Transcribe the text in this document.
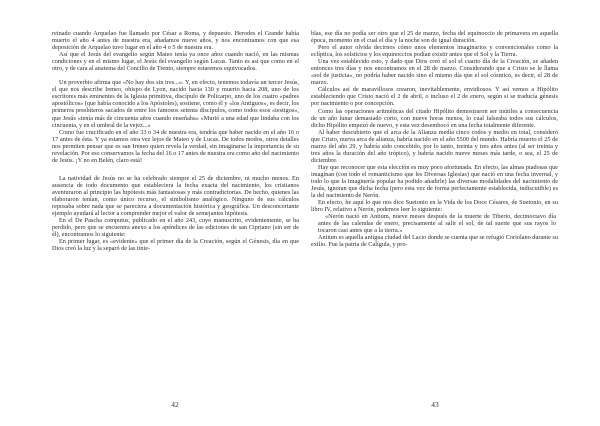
reinado cuando Arquelao fue llamado por César a Roma, y depuesto. Herodes el Grande había muerto el año 4 antes de nuestra era, añadamos nueve años, y nos encontramos con que esa deposición de Arquelao tuvo lugar en el año 4 o 5 de nuestra era.

Así que el Jesús del evangelio según Mateo tenía ya once años cuando nació, en las mismas condiciones y en el mismo lugar, el Jesús del evangelio según Lucas. Tanto es así que como en el otro, y de cara al anatema del Concilio de Trento, siempre estaremos equivocados.

Un proverbio afirma que «No hay dos sin tres...». Y, en efecto, tenemos todavía un tercer Jesús, el que nos describe Ireneo, obispo de Lyon, nacido hacia 130 y muerto hacia 208, uno de los escritores más eminentes de la Iglesia primitiva, discípulo de Policarpo, uno de los cuatro «padres apostólicos» (que había conocido a los Apóstoles), sostiene, como él y «los Antiguos», es decir, los primeros presbíteros sacados de entre los famosos setenta discípulos, como todos esos «testigos», que Jesús «tenía más de cincuenta años cuando enseñaba» «Murió a una edad que lindaba con los cincuenta, y en el umbral de la vejez...»

Como fue crucificado en el año 33 o 34 de nuestra era, tendría que haber nacido en el año 16 o 17 antes de ésta. Y ya estamos otra vez lejos de Mateo y de Lucas. De todos modos, otros detalles nos permiten pensar que es san Ireneo quien revela la verdad, sin imaginarse la importancia de su revelación. Por eso conservamos la fecha del 16 o 17 antes de nuestra era como año del nacimiento de Jesús. ¡Y no en Belén, claro está!

La natividad de Jesús no se ha celebrado siempre el 25 de diciembre, ni mucho menos. En ausencia de todo documento que estableciera la fecha exacta del nacimiento, los cristianos aventuraron al principio las hipótesis más fantasiosas y más contradictorias. De hecho, quienes las elaboraron tenían, como único recurso, el simbolismo analógico. Ninguno de sus cálculos reposaba sobre nada que se pareciera a documentación histórica y geográfica. Un desconcertante ejemplo ayudará al lector a comprender mejor el valor de semejantes hipótesis.

En el De Pascha computus, publicado en el año 243, cuyo manuscrito, evidentemente, se ha perdido, pero que se encuentra anexo a los apéndices de las ediciones de san Cipriano (sin ser de él), encontramos lo siguiente:

En primer lugar, es «evidente» que el primer día de la Creación, según el Génesis, día en que Dios creó la luz y la separó de las tinie-

blas, ese día no podía ser otro que el 25 de marzo, fecha del equinoccio de primavera en aquella época, momento en el cual el día y la noche son de igual duración.

Pero el autor olvida decirnos cómo unos elementos imaginarios y convencionales como la eclíptica, los solsticios y los equinoccios podían existir antes que el Sol y la Tierra.

Una vez establecido esto, y dado que Dios creó el sol el cuarto día de la Creación, se añaden entonces tres días y nos encontramos en el 28 de marzo. Considerando que a Cristo se le llama «sol de justicia», no podría haber nacido sino el mismo día que el sol cósmico, es decir, el 28 de marzo.

Cálculos así de maravillosos crearon, inevitablemente, envidiosos. Y así vemos a Hipólito estableciendo que Cristo nació el 2 de abril, o incluso el 2 de enero, según si se traducía génesis por nacimiento o por concepción.

Como las operaciones aritméticas del citado Hipólito demostraron ser inútiles a consecuencia de un año lunar demasiado corto, con nueve horas menos, lo cual falseaba todos sus cálculos, dicho Hipólito empezó de nuevo, y esta vez desembocó en una fecha totalmente diferente.

Al haber descubierto que el arca de la Alianza medía cinco codos y medio en total, consideró que Cristo, nueva arca de alianza, habría nacido en el año 5500 del mundo. Habría muerto el 25 de marzo del año 29, y habría sido concebido, por lo tanto, treinta y tres años antes (al ser treinta y tres años la duración del año trópico), y habría nacido nueve meses más tarde, o sea, el 25 de diciembre.

Hay que reconocer que esta elección es muy poco afortunada. En efecto, las almas piadosas que imaginan (con todo el romanticismo que les Diversas Iglesias) que nació en una fecha invernal, y todo lo que la imaginería popular ha podido añadirle) las diversas modalidades del nacimiento de Jesús, ignoran que dicha fecha (pero esta vez de forma perfectamente establecida, indiscutible) es la del nacimiento de Nerón.

En efecto, he aquí lo que nos dice Suetonio en la Vida de los Doce Césares, de Suetonio, en su libro IV, relativo a Nerón, podemos leer lo siguiente:

«Nerón nació en Antium, nueve meses después de la muerte de Tiberio, decimoctavo día antes de las calendas de enero, precisamente al salir el sol, de tal suerte que sus rayos lo tocaron casi antes que a la tierra.»

Antium es aquella antigua ciudad del Lacio donde se cuenta que se refugió Coriolano durante su exilio. Fue la patria de Calígula, y pro-

42	43
